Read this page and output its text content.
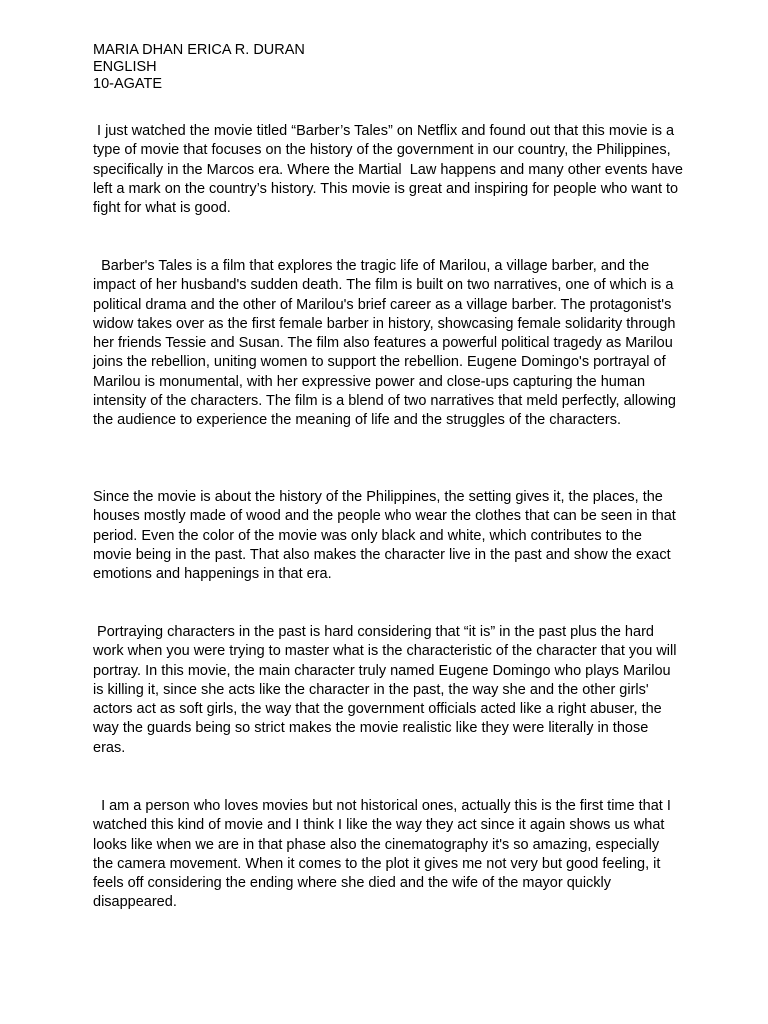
MARIA DHAN ERICA R. DURAN

ENGLISH

10-AGATE

I just watched the movie titled “Barber’s Tales” on Netflix and found out that this movie is a type of movie that focuses on the history of the government in our country, the Philippines, specifically in the Marcos era. Where the Martial  Law happens and many other events have left a mark on the country’s history. This movie is great and inspiring for people who want to fight for what is good.

Barber's Tales is a film that explores the tragic life of Marilou, a village barber, and the impact of her husband's sudden death. The film is built on two narratives, one of which is a political drama and the other of Marilou's brief career as a village barber. The protagonist's widow takes over as the first female barber in history, showcasing female solidarity through her friends Tessie and Susan. The film also features a powerful political tragedy as Marilou joins the rebellion, uniting women to support the rebellion. Eugene Domingo's portrayal of Marilou is monumental, with her expressive power and close-ups capturing the human intensity of the characters. The film is a blend of two narratives that meld perfectly, allowing the audience to experience the meaning of life and the struggles of the characters.

Since the movie is about the history of the Philippines, the setting gives it, the places, the houses mostly made of wood and the people who wear the clothes that can be seen in that period. Even the color of the movie was only black and white, which contributes to the movie being in the past. That also makes the character live in the past and show the exact emotions and happenings in that era.

Portraying characters in the past is hard considering that “it is” in the past plus the hard work when you were trying to master what is the characteristic of the character that you will portray. In this movie, the main character truly named Eugene Domingo who plays Marilou is killing it, since she acts like the character in the past, the way she and the other girls' actors act as soft girls, the way that the government officials acted like a right abuser, the way the guards being so strict makes the movie realistic like they were literally in those eras.

I am a person who loves movies but not historical ones, actually this is the first time that I watched this kind of movie and I think I like the way they act since it again shows us what looks like when we are in that phase also the cinematography it's so amazing, especially the camera movement. When it comes to the plot it gives me not very but good feeling, it feels off considering the ending where she died and the wife of the mayor quickly disappeared.
